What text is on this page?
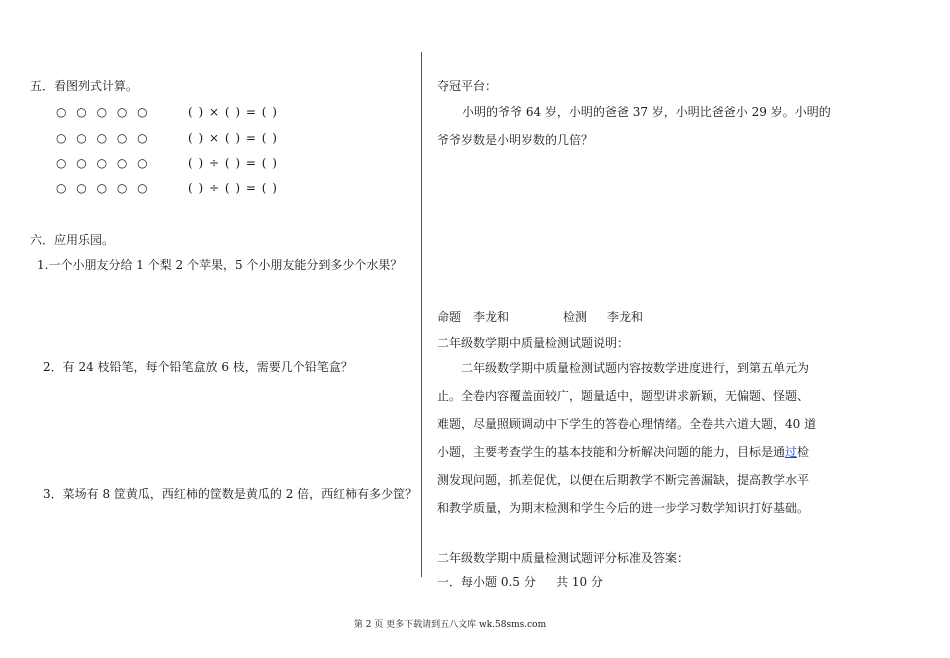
五．看图列式计算。
○ ○ ○ ○ ○	( ) × ( ) = ( )
○ ○ ○ ○ ○	( ) × ( ) = ( )
○ ○ ○ ○ ○	( ) ÷ ( ) = ( )
○ ○ ○ ○ ○	( ) ÷ ( ) = ( )
六．应用乐园。
1.一个小朋友分给 1 个梨 2 个苹果，5 个小朋友能分到多少个水果？
2．有 24 枝铅笔，每个铅笔盒放 6 枝，需要几个铅笔盒？
3．菜场有 8 筐黄瓜，西红柿的筐数是黄瓜的 2 倍，西红柿有多少筐？
夺冠平台：
小明的爷爷 64 岁，小明的爸爸 37 岁，小明比爸爸小 29 岁。小明的
爷爷岁数是小明岁数的几倍？
命题 李龙和	检测 李龙和
二年级数学期中质量检测试题说明：
二年级数学期中质量检测试题内容按数学进度进行，到第五单元为
止。全卷内容覆盖面较广，题量适中，题型讲求新颖，无偏题、怪题、
难题，尽量照顾调动中下学生的答卷心理情绪。全卷共六道大题，40 道
小题，主要考查学生的基本技能和分析解决问题的能力，目标是通过检
测发现问题，抓差促优，以便在后期教学不断完善漏缺，提高教学水平
和教学质量，为期末检测和学生今后的进一步学习数学知识打好基础。
二年级数学期中质量检测试题评分标准及答案：
一．每小题 0.5 分 共 10 分
第 2 页 更多下载请到五八文库 wk.58sms.com
